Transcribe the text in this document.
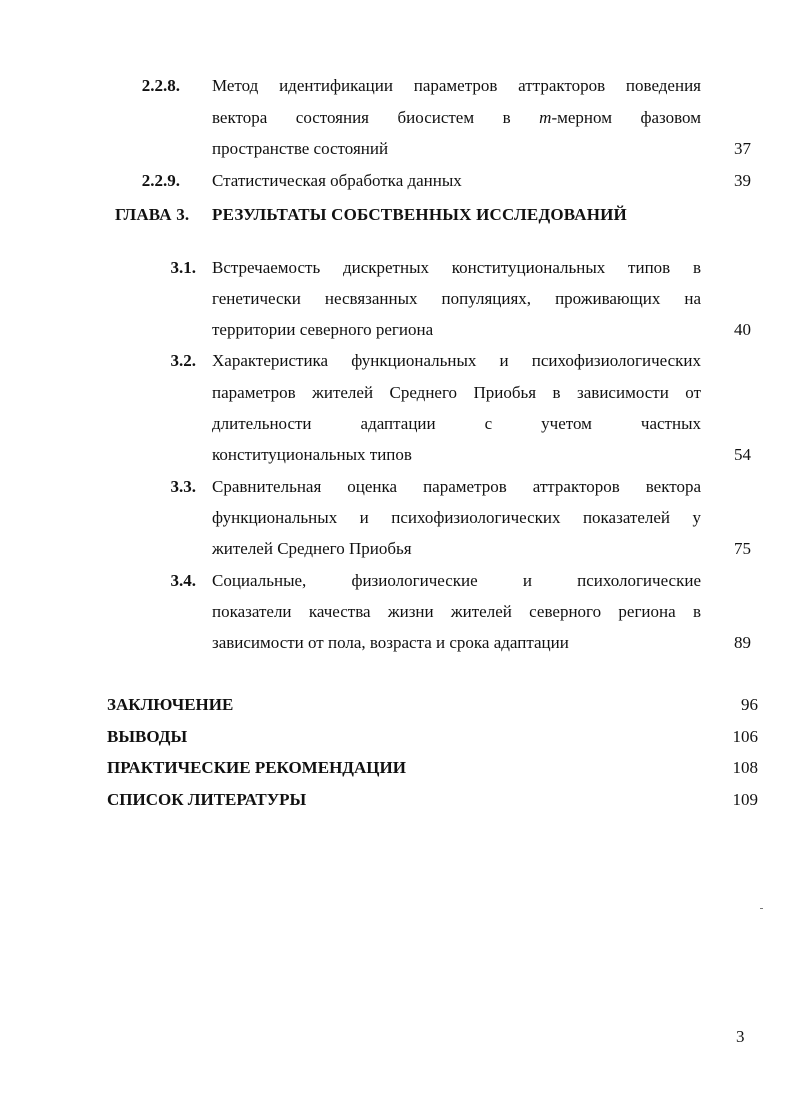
2.2.8. Метод идентификации параметров аттракторов поведения
вектора состояния биосистем в m-мерном фазовом
пространстве состояний	37
2.2.9. Статистическая обработка данных	39
ГЛАВА 3. РЕЗУЛЬТАТЫ СОБСТВЕННЫХ ИССЛЕДОВАНИЙ
3.1. Встречаемость дискретных конституциональных типов в
генетически несвязанных популяциях, проживающих на
территории северного региона	40
3.2. Характеристика функциональных и психофизиологических
параметров жителей Среднего Приобья в зависимости от
длительности адаптации с учетом частных
конституциональных типов	54
3.3. Сравнительная оценка параметров аттракторов вектора
функциональных и психофизиологических показателей у
жителей Среднего Приобья	75
3.4. Социальные, физиологические и психологические
показатели качества жизни жителей северного региона в
зависимости от пола, возраста и срока адаптации	89
ЗАКЛЮЧЕНИЕ	96
ВЫВОДЫ	106
ПРАКТИЧЕСКИЕ РЕКОМЕНДАЦИИ	108
СПИСОК ЛИТЕРАТУРЫ	109
3
